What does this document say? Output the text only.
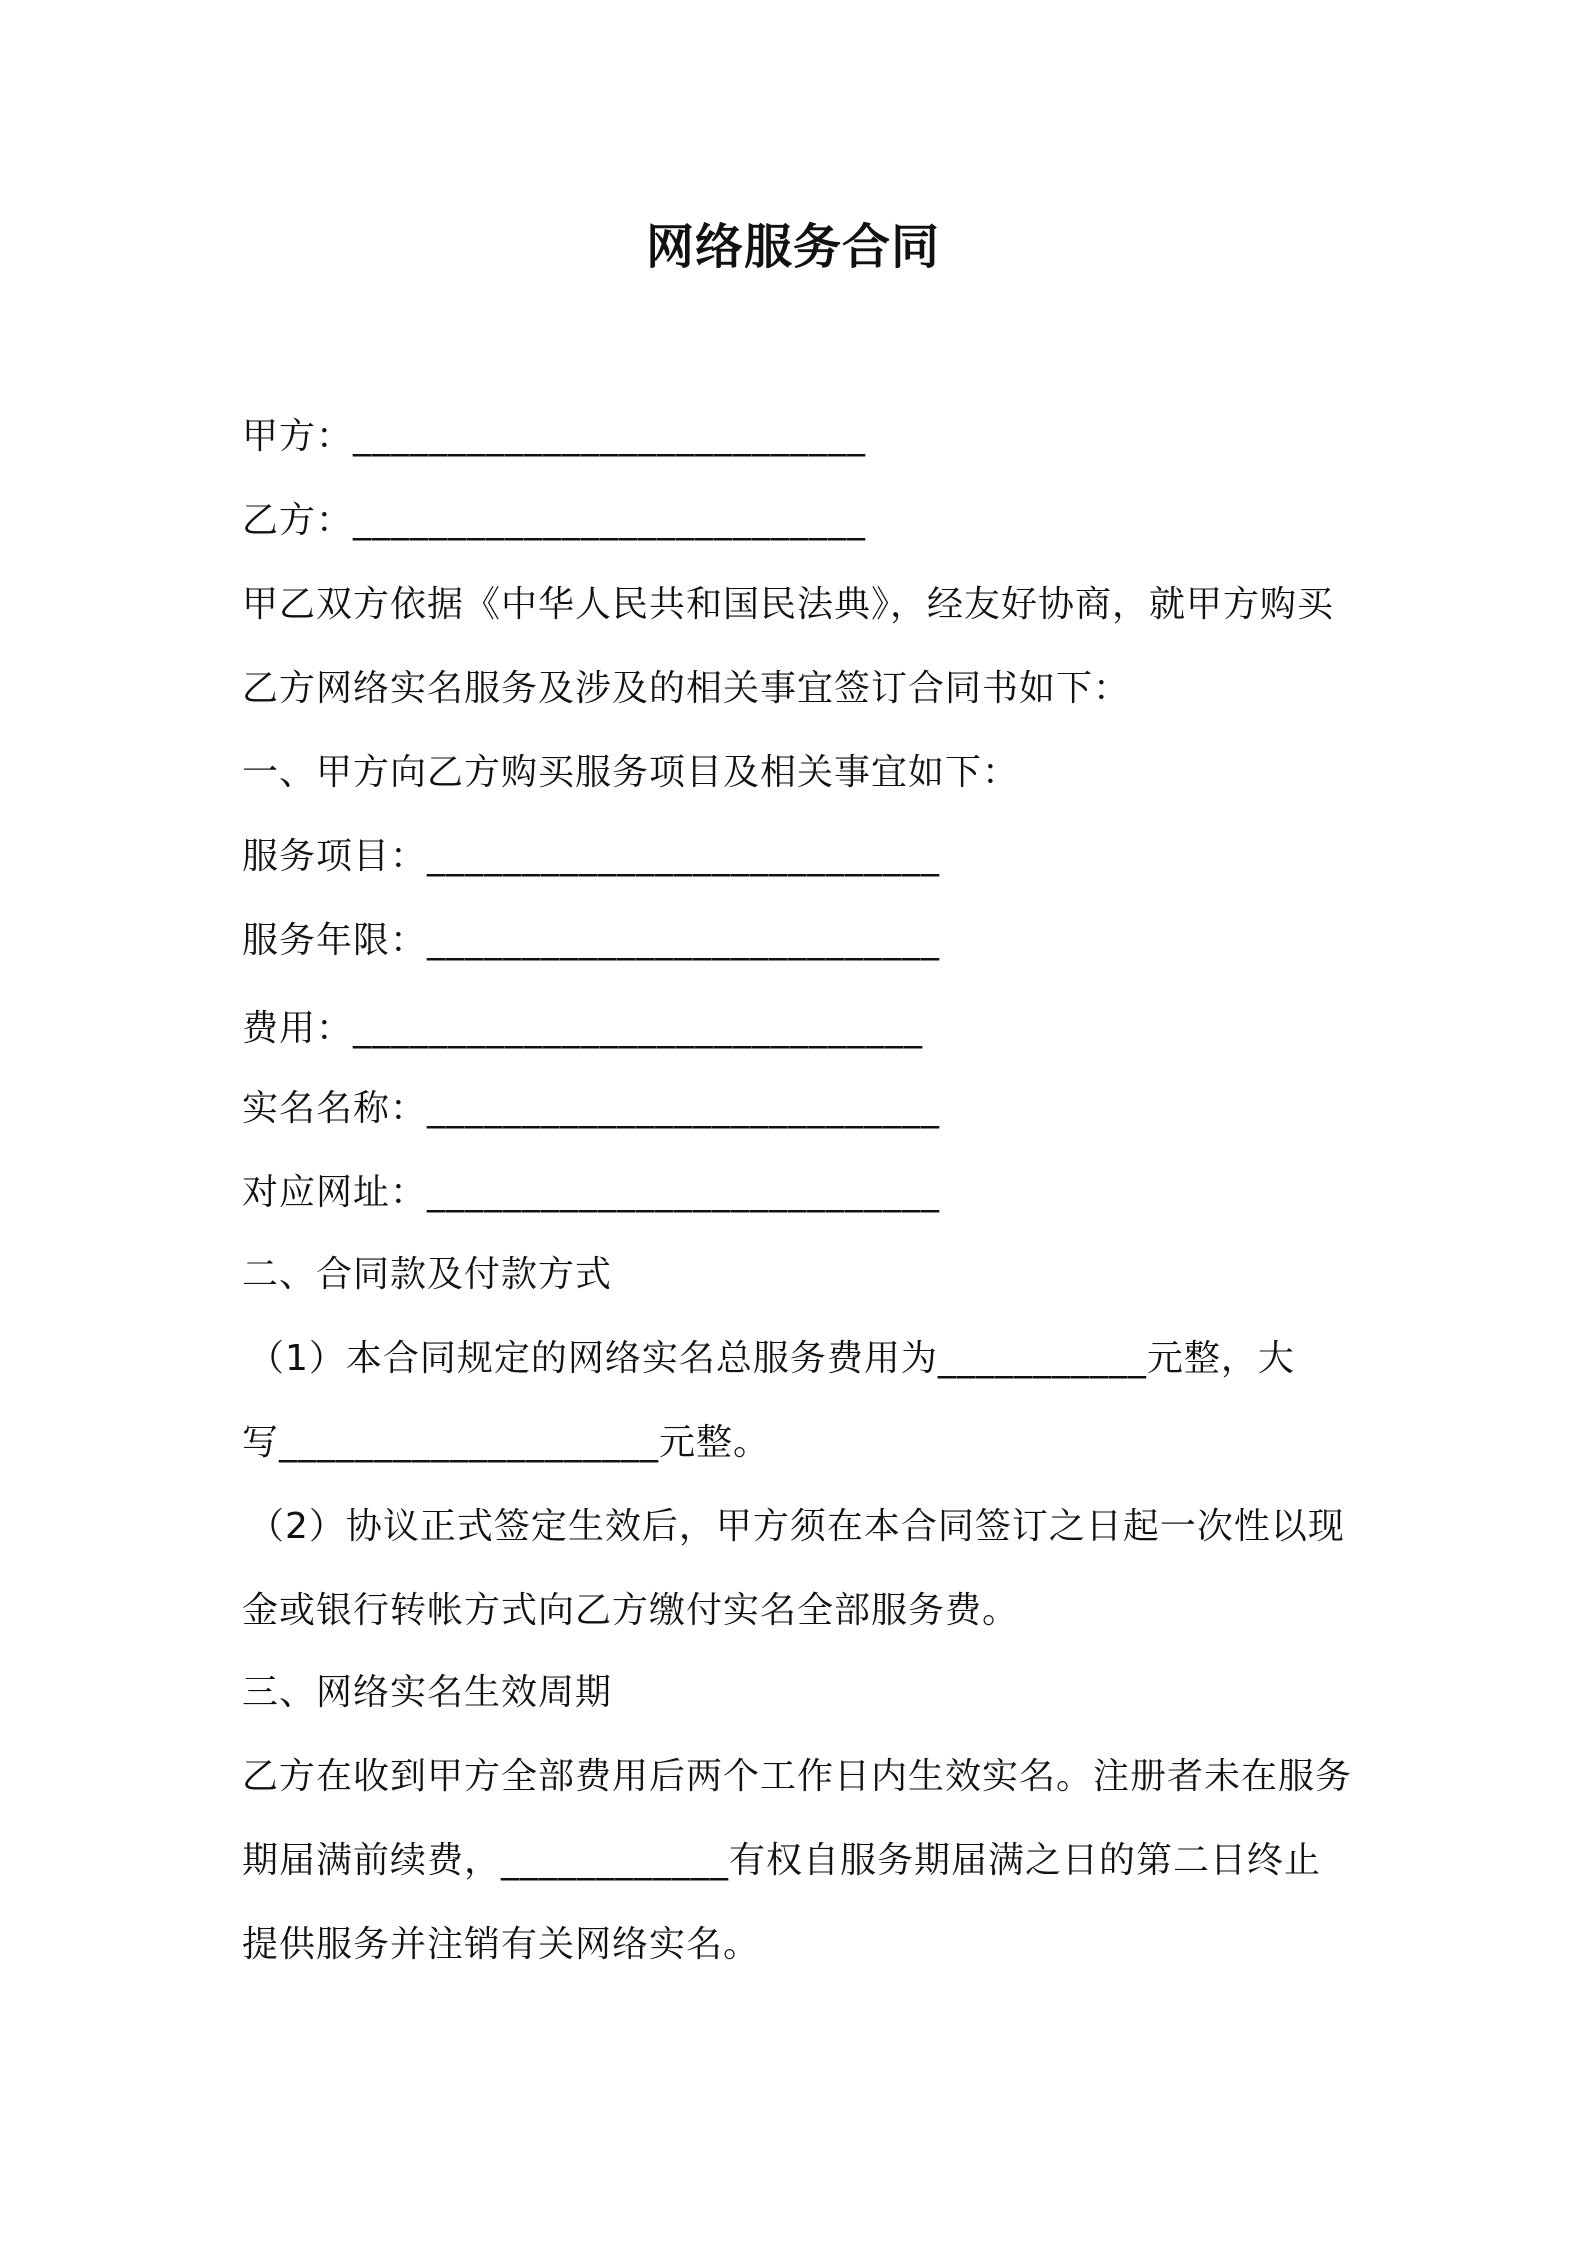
网络服务合同
甲方：___________________________
乙方：___________________________
甲乙双方依据《中华人民共和国民法典》，经友好协商，就甲方购买
乙方网络实名服务及涉及的相关事宜签订合同书如下：
一、甲方向乙方购买服务项目及相关事宜如下：
服务项目：___________________________
服务年限：___________________________
费用：______________________________
实名名称：___________________________
对应网址：___________________________
二、合同款及付款方式
（1）本合同规定的网络实名总服务费用为___________元整，大
写____________________元整。
（2）协议正式签定生效后，甲方须在本合同签订之日起一次性以现
金或银行转帐方式向乙方缴付实名全部服务费。
三、网络实名生效周期
乙方在收到甲方全部费用后两个工作日内生效实名。注册者未在服务
期届满前续费，____________有权自服务期届满之日的第二日终止
提供服务并注销有关网络实名。
